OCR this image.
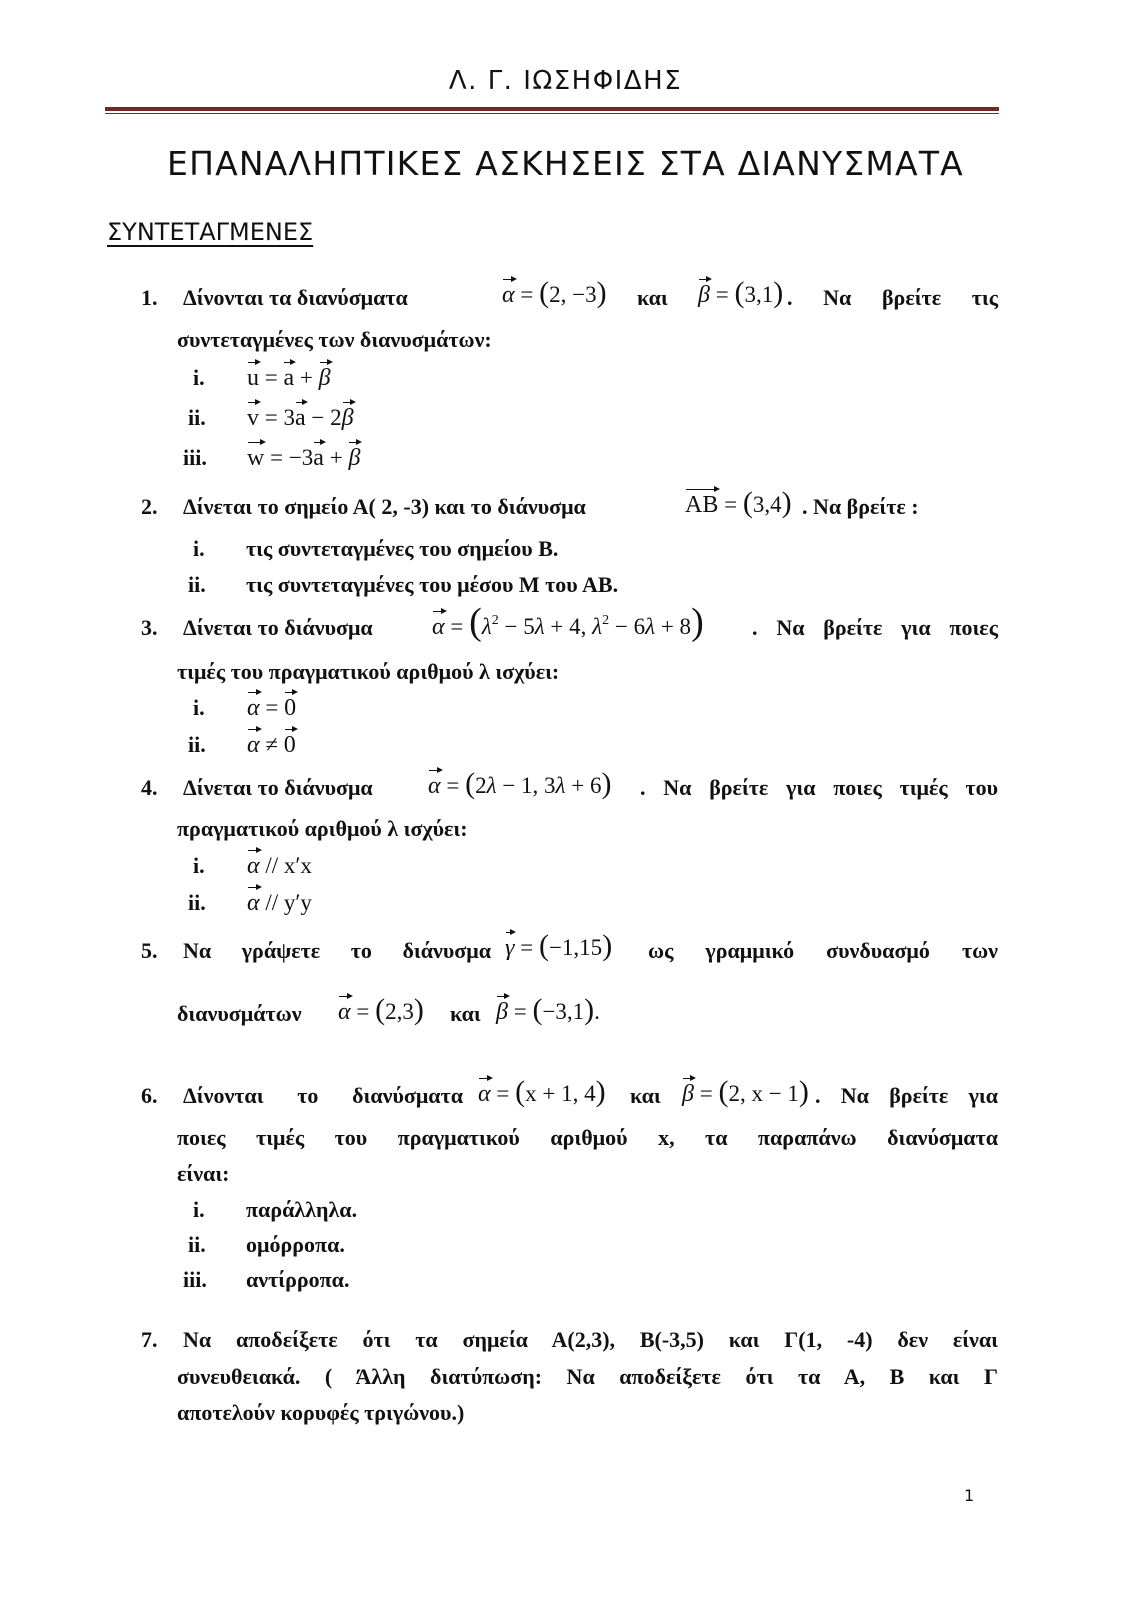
Λ. Γ. ΙΩΣΗΦΙΔΗΣ
ΕΠΑΝΑΛΗΠΤΙΚΕΣ ΑΣΚΗΣΕΙΣ ΣΤΑ ΔΙΑΝΥΣΜΑΤΑ
ΣΥΝΤΕΤΑΓΜΕΝΕΣ
1. Δίνονται τα διανύσματα	α = (2, −3) και β = (3,1) . Να βρείτε τις
συντεταγμένες των διανυσμάτων:
i. u = a + β
ii. v = 3a − 2β
iii. w = −3a + β
2. Δίνεται το σημείο Α( 2, -3) και το διάνυσμα	AB = (3,4) . Να βρείτε :
i. τις συντεταγμένες του σημείου Β.
ii. τις συντεταγμένες του μέσου Μ του ΑΒ.
3. Δίνεται το διάνυσμα $\alpha = (\lambda^2 - 5\lambda + 4$, $\lambda^2 - 6\lambda + 8$) . Να βρείτε για ποιες
τιμές του πραγματικού αριθμού λ ισχύει:
i. α = 0
ii. α ≠ 0
4. Δίνεται το διάνυσμα α = (2λ − 1, 3λ + 6) . Να βρείτε για ποιες τιμές του
πραγματικού αριθμού λ ισχύει:
i. α // x′x
ii. α // y′y
5. Να γράψετε το διάνυσμα γ = (−1,15) ως γραμμικό συνδυασμό των
διανυσμάτων α = (2,3) και β = (−3,1).
6. Δίνονται το διανύσματα α = (x + 1, 4) και β = (2, x − 1) . Να βρείτε για
ποιες τιμές του πραγματικού αριθμού x, τα παραπάνω διανύσματα
είναι:
i. παράλληλα.
ii. ομόρροπα.
iii. αντίρροπα.
7. Να αποδείξετε ότι τα σημεία Α(2,3), Β(-3,5) και Γ(1, -4) δεν είναι
συνευθειακά. ( Άλλη διατύπωση: Να αποδείξετε ότι τα Α, Β και Γ
αποτελούν κορυφές τριγώνου.)
1
